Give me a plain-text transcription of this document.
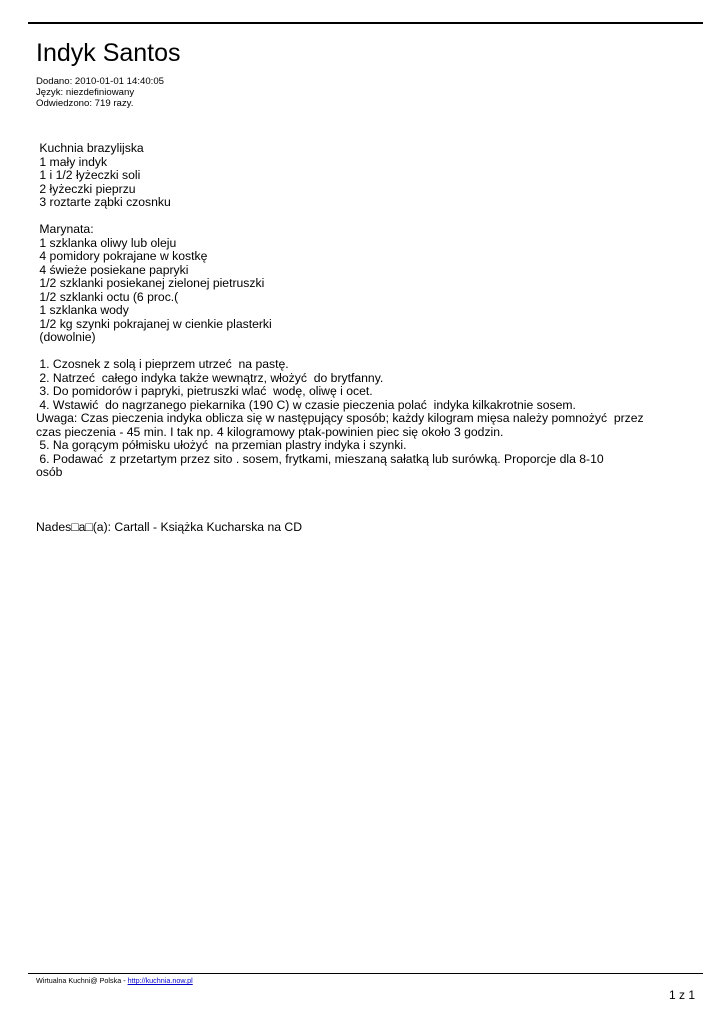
Indyk Santos
Dodano: 2010-01-01 14:40:05
Język: niezdefiniowany
Odwiedzono: 719 razy.
Kuchnia brazylijska
1 mały indyk
1 i 1/2 łyżeczki soli
2 łyżeczki pieprzu
3 roztarte ząbki czosnku
Marynata:
1 szklanka oliwy lub oleju
4 pomidory pokrajane w kostkę
4 świeże posiekane papryki
1/2 szklanki posiekanej zielonej pietruszki
1/2 szklanki octu (6 proc.(
1 szklanka wody
1/2 kg szynki pokrajanej w cienkie plasterki
(dowolnie)
1. Czosnek z solą i pieprzem utrzeć  na pastę.
2. Natrzeć  całego indyka także wewnątrz, włożyć  do brytfanny.
3. Do pomidorów i papryki, pietruszki wlać  wodę, oliwę i ocet.
4. Wstawić  do nagrzanego piekarnika (190 C) w czasie pieczenia polać  indyka kilkakrotnie sosem.
Uwaga: Czas pieczenia indyka oblicza się w następujący sposób; każdy kilogram mięsa należy pomnożyć  przez
czas pieczenia - 45 min. I tak np. 4 kilogramowy ptak-powinien piec się około 3 godzin.
5. Na gorącym półmisku ułożyć  na przemian plastry indyka i szynki.
6. Podawać  z przetartym przez sito . sosem, frytkami, mieszaną sałatką lub surówką. Proporcje dla 8-10
osób
Nades□a□(a): Cartall - Książka Kucharska na CD
Wirtualna Kuchni@ Polska - http://kuchnia.now.pl
1 z 1
